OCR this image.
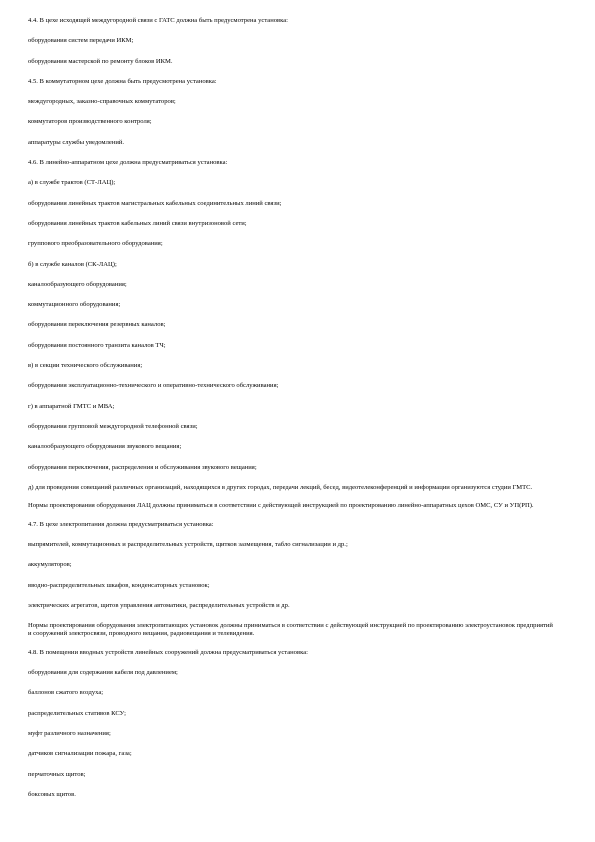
4.4. В цехе исходящей междугородной связи с ГАТС должна быть предусмотрена установка:

оборудования систем передачи ИКМ;

оборудования мастерской по ремонту блоков ИКМ.

4.5. В коммутаторном цехе должна быть предусмотрена установка:

междугородных, заказно-справочных коммутаторов;

коммутаторов производственного контроля;

аппаратуры службы уведомлений.

4.6. В линейно-аппаратном цехе должна предусматриваться установка:

а) в службе трактов (СТ-ЛАЦ);

оборудования линейных трактов магистральных кабельных соединительных линий связи;

оборудования линейных трактов кабельных линий связи внутризоновой сети;

группового преобразовательного оборудования;

б) в службе каналов (СК-ЛАЦ);

каналообразующего оборудования;

коммутационного оборудования;

оборудования переключения резервных каналов;

оборудования постоянного транзита каналов ТЧ;

в) в секции технического обслуживания;

оборудования эксплуатационно-технического и оперативно-технического обслуживания;

г) в аппаратной ГМТС и МВА;

оборудования групповой междугородной телефонной связи;

каналообразующего оборудования звукового вещания;

оборудования переключения, распределения и обслуживания звукового вещания;

д) для проведения совещаний различных организаций, находящихся в других городах, передачи лекций, бесед, видеотелеконференций и информации организуются студии ГМТС.

Нормы проектирования оборудования ЛАЦ должны приниматься в соответствии с действующей инструкцией по проектированию линейно-аппаратных цехов ОМС, СУ и УП(РП).

4.7. В цехе электропитания должна предусматриваться установка:

выпрямителей, коммутационных и распределительных устройств, щитков зазмещения, табло сигнализации и др.;

аккумуляторов;

вводно-распределительных шкафов, конденсаторных установок;

электрических агрегатов, щитов управления автоматики, распределительных устройств и др.

Нормы проектирования оборудования электропитающих установок должны приниматься в соответствии с действующей инструкцией по проектированию электроустановок предприятий и сооружений электросвязи, проводного вещания, радиовещания и телевидения.

4.8. В помещении вводных устройств линейных сооружений должна предусматриваться установка:

оборудования для содержания кабеля под давлением;

баллонов сжатого воздуха;

распределительных стативов КСУ;

муфт различного назначения;

датчиков сигнализации пожара, газа;

перчаточных щитов;

боксовых щитов.
